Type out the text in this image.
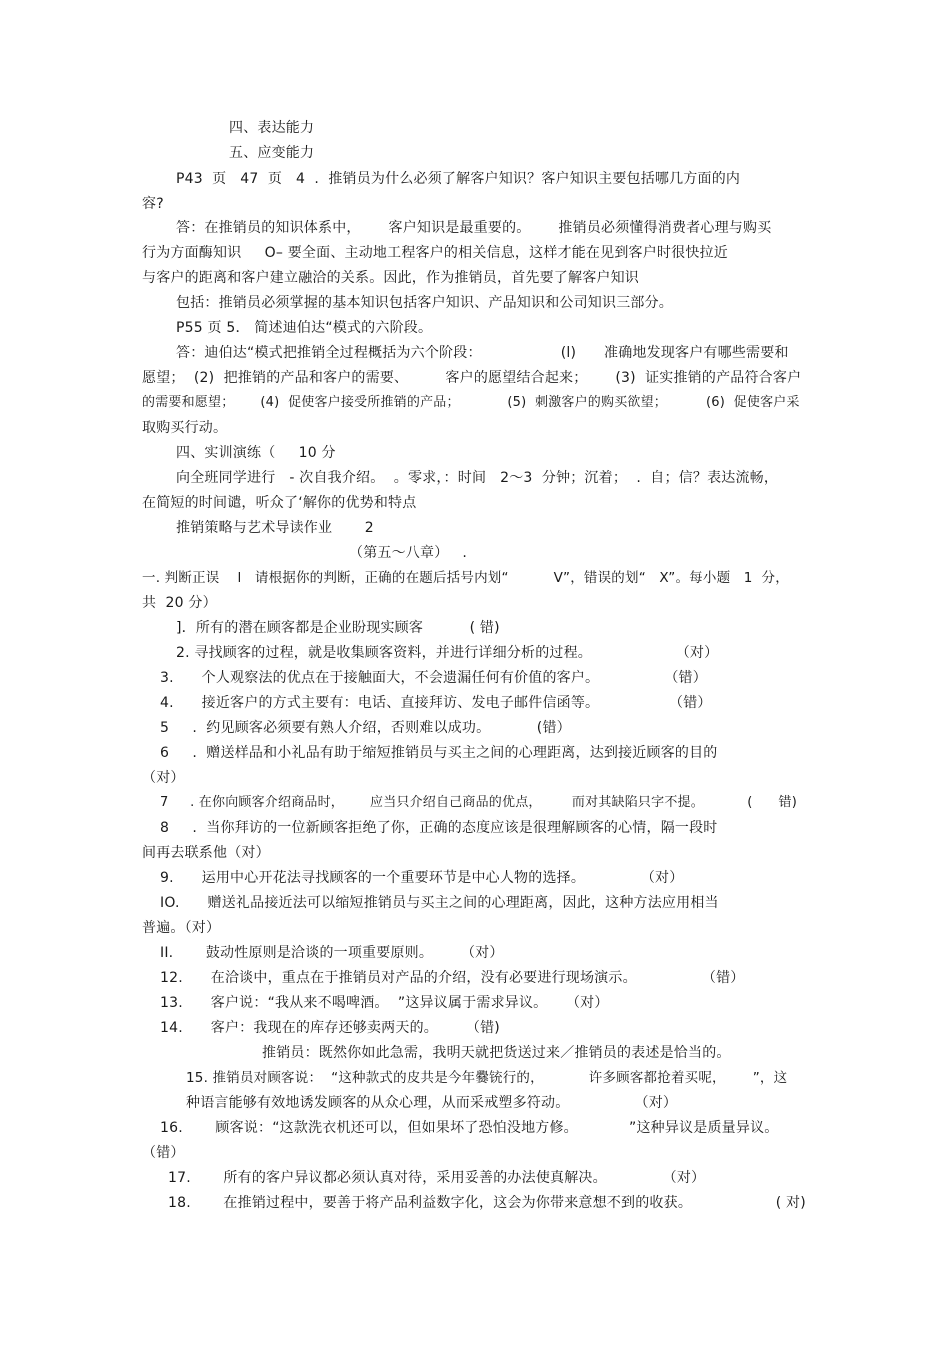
四、表达能力
五、应变能力
P43  页   47  页   4  .  推销员为什么必须了解客户知识？客户知识主要包括哪几方面的内
容?
答：在推销员的知识体系中，      客户知识是最重要的。      推销员必须懂得消费者心理与购买
行为方面酶知识     O– 要全面、主动地工程客户的相关信息，这样才能在见到客户时很快拉近
与客户的距离和客户建立融洽的关系。因此，作为推销员，首先要了解客户知识
包括：推销员必须掌握的基本知识包括客户知识、产品知识和公司知识三部分。
P55 页 5． 简述迪伯达“模式的六阶段。
答：迪伯达“模式把推销全过程概括为六个阶段：                 (l)      准确地发现客户有哪些需要和
愿望；  (2)  把推销的产品和客户的需要、        客户的愿望结合起来；      (3)  证实推销的产品符合客户
的需要和愿望；      (4)  促使客户接受所推销的产品；           (5)  刺激客户的购买欲望；         (6)  促使客户采
取购买行动。
四、实训演练（     10 分
向全班同学进行   - 次自我介绍。  。零求，：时间   2～3  分钟；沉着；  .  自；信？表达流畅，
在简短的时间谴，听众了‘解你的优势和特点
推销策略与艺术导读作业       2
（第五～八章）   .
一. 判断正误    l   请根据你的判断，正确的在题后括号内划“          V”，错误的划“   X”。每小题   1  分，
共  20 分）
]．所有的潜在顾客都是企业盼现实顾客          ( 错)
2. 寻找顾客的过程，就是收集顾客资料，并进行详细分析的过程。                  （对）
3.      个人观察法的优点在于接触面大，不会遗漏任何有价值的客户。              （错）
4.      接近客户的方式主要有：电话、直接拜访、发电子邮件信函等。               （错）
5     .  约见顾客必须要有熟人介绍，否则难以成功。          (错）
6     .  赠送样品和小礼品有助于缩短推销员与买主之间的心理距离，达到接近顾客的目的
（对）
7     . 在你向顾客介绍商品时，      应当只介绍自己商品的优点，       而对其缺陷只字不提。          (      错)
8     .  当你拜访的一位新顾客拒绝了你，正确的态度应该是很理解顾客的心情，隔一段时
间再去联系他（对）
9.      运用中心开花法寻找顾客的一个重要环节是中心人物的选择。            （对）
IO.      赠送礼品接近法可以缩短推销员与买主之间的心理距离，因此，这种方法应用相当
普遍。（对）
II.       鼓动性原则是洽谈的一项重要原则。      （对）
12.      在洽谈中，重点在于推销员对产品的介绍，没有必要进行现场演示。              （错）
13.      客户说：“我从来不喝啤酒。  ”这异议属于需求异议。    （对）
14.      客户：我现在的库存还够卖两天的。      （错)
推销员：既然你如此急需，我明天就把货送过来／推销员的表述是恰当的。
15. 推销员对顾客说：  “这种款式的皮共是今年爨铳行的，          许多顾客都抢着买呢，      ”，这
种语言能够有效地诱发顾客的从众心理，从而采戒塑多符动。              （对）
16.       顾客说：“这款洗衣机还可以，但如果坏了恐怕没地方修。           ”这种异议是质量异议。
（错）
17.       所有的客户异议都必须认真对待，采用妥善的办法使真解决。            （对）
18.       在推销过程中，要善于将产品利益数字化，这会为你带来意想不到的收获。                  ( 对)
